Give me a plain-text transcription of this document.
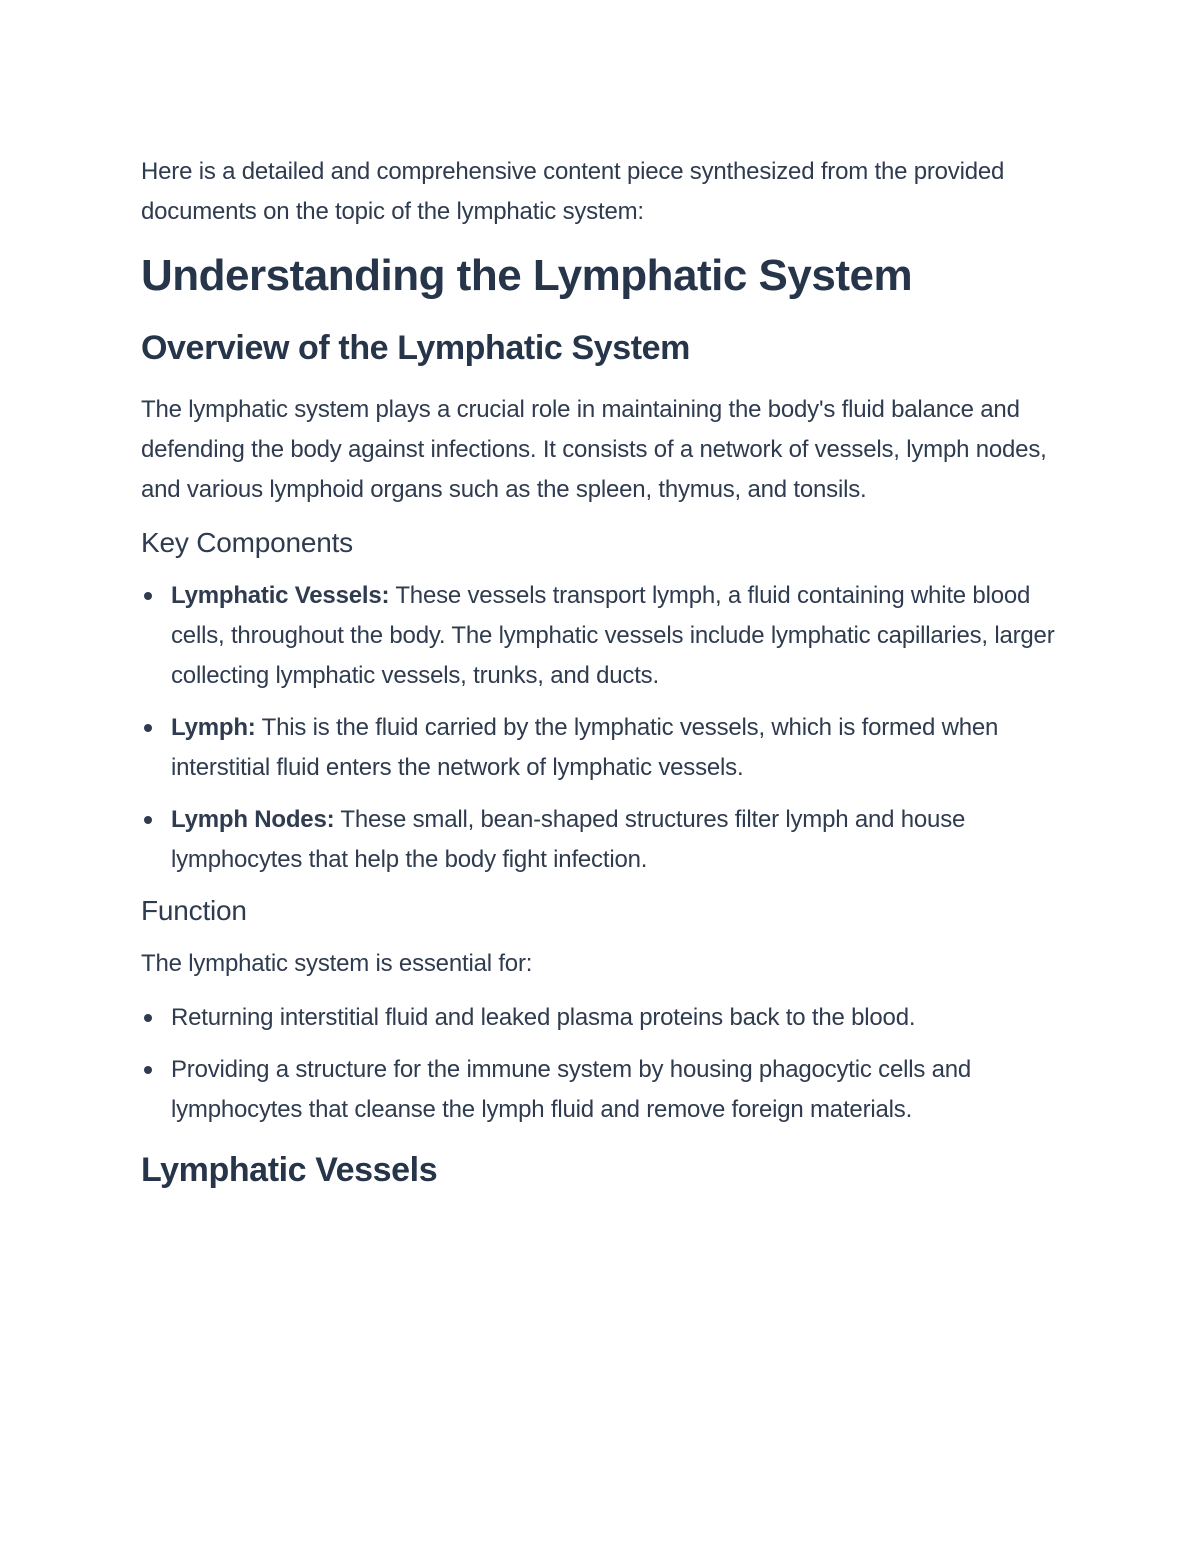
Here is a detailed and comprehensive content piece synthesized from the provided documents on the topic of the lymphatic system:

Understanding the Lymphatic System
Overview of the Lymphatic System

The lymphatic system plays a crucial role in maintaining the body's fluid balance and defending the body against infections. It consists of a network of vessels, lymph nodes, and various lymphoid organs such as the spleen, thymus, and tonsils.

Key Components
Lymphatic Vessels: These vessels transport lymph, a fluid containing white blood cells, throughout the body. The lymphatic vessels include lymphatic capillaries, larger collecting lymphatic vessels, trunks, and ducts.
Lymph: This is the fluid carried by the lymphatic vessels, which is formed when interstitial fluid enters the network of lymphatic vessels.
Lymph Nodes: These small, bean-shaped structures filter lymph and house lymphocytes that help the body fight infection.
Function

The lymphatic system is essential for:

Returning interstitial fluid and leaked plasma proteins back to the blood.
Providing a structure for the immune system by housing phagocytic cells and lymphocytes that cleanse the lymph fluid and remove foreign materials.
Lymphatic Vessels
